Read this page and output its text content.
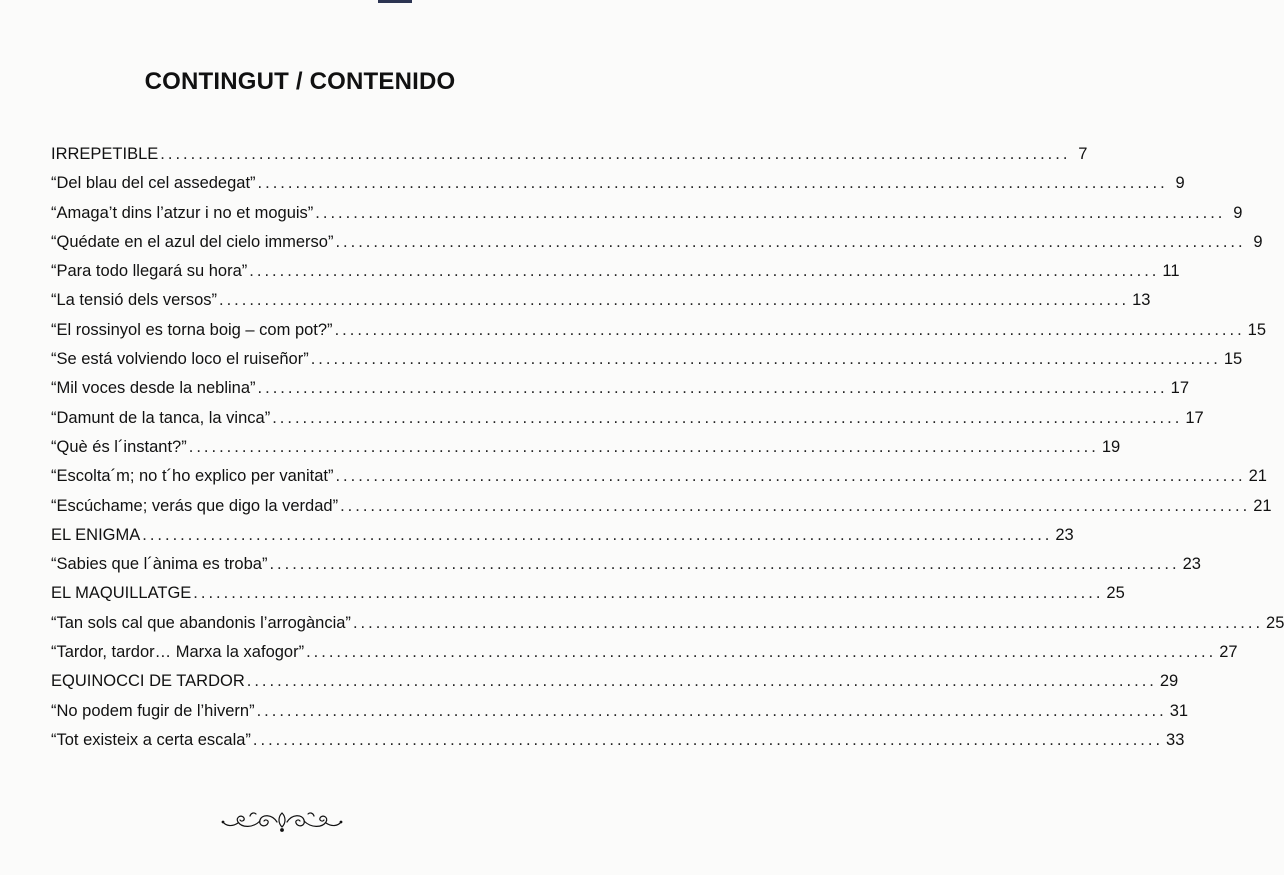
CONTINGUT / CONTENIDO
IRREPETIBLE ........................................................................................................................ 7
“Del blau del cel assedegat” ........................................................................................................................ 9
“Amaga’t dins l’atzur i no et moguis” ........................................................................................................................ 9
“Quédate en el azul del cielo immerso” ........................................................................................................................ 9
“Para todo llegará su hora” ........................................................................................................................ 11
“La tensió dels versos” ........................................................................................................................ 13
“El rossinyol es torna boig – com pot?” ........................................................................................................................ 15
“Se está volviendo loco el ruiseñor” ........................................................................................................................ 15
“Mil voces desde la neblina” ........................................................................................................................ 17
“Damunt de la tanca, la vinca” ........................................................................................................................ 17
“Què és l´instant?” ........................................................................................................................ 19
“Escolta´m; no t´ho explico per vanitat” ........................................................................................................................ 21
“Escúchame; verás que digo la verdad” ........................................................................................................................ 21
EL ENIGMA ........................................................................................................................ 23
“Sabies que l´ànima es troba” ........................................................................................................................ 23
EL MAQUILLATGE ........................................................................................................................ 25
“Tan sols cal que abandonis l’arrogància” ........................................................................................................................ 25
“Tardor, tardor… Marxa la xafogor” ........................................................................................................................ 27
EQUINOCCI DE TARDOR ........................................................................................................................ 29
“No podem fugir de l’hivern” ........................................................................................................................ 31
“Tot existeix a certa escala” ........................................................................................................................ 33
